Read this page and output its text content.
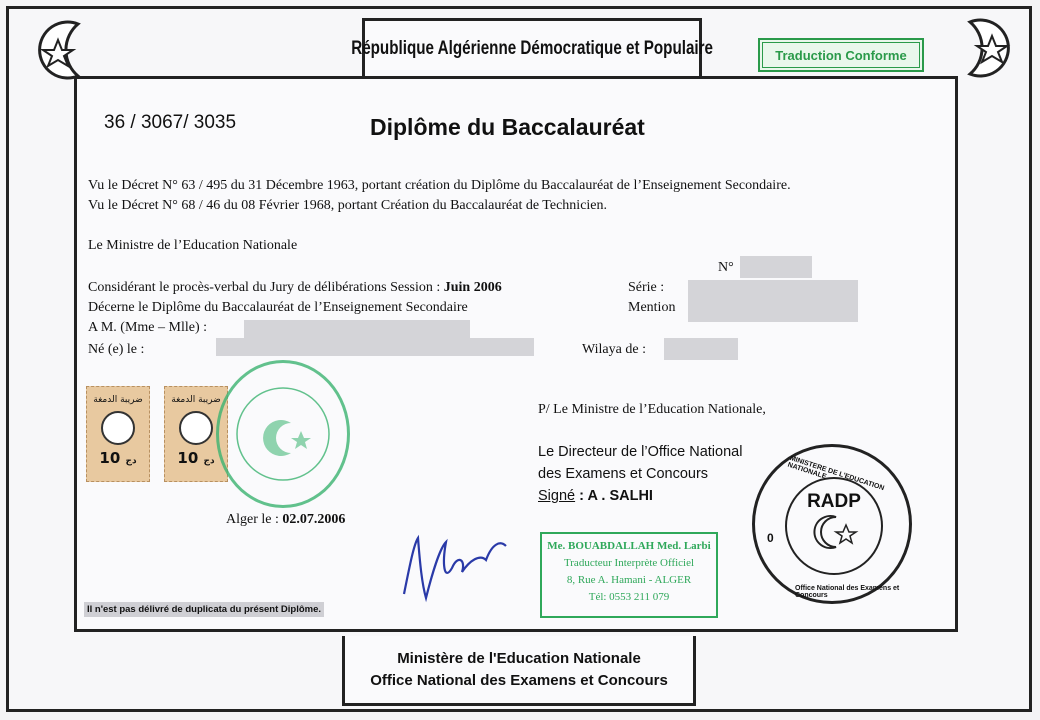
République Algérienne Démocratique et Populaire	Traduction Conforme
36 / 3067/ 3035	Diplôme du Baccalauréat
Vu le Décret N° 63 / 495 du 31 Décembre 1963, portant création du Diplôme du Baccalauréat de l’Enseignement Secondaire.
Vu le Décret N° 68 / 46 du 08 Février 1968, portant Création du Baccalauréat de Technicien.
Le Ministre de l’Education Nationale
N°
Considérant le procès-verbal du Jury de délibérations Session : Juin 2006	Série :
Décerne le Diplôme du Baccalauréat de l’Enseignement Secondaire	Mention
A M. (Mme – Mlle) :
Né (e) le :	Wilaya de :
ضريبة الدمغة
10 دج
ضريبة الدمغة
10 دج
P/ Le Ministre de l’Education Nationale,
Le Directeur de l’Office National
des Examens et Concours
Signé : A . SALHI
Alger le : 02.07.2006
Me. BOUABDALLAH Med. Larbi
Traducteur Interprète Officiel
8, Rue A. Hamani - ALGER
Tél: 0553 211 079
RADP
0
MINISTERE DE L'EDUCATION NATIONALE
Office National des Examens et Concours
Il n'est pas délivré de duplicata du présent Diplôme.
Ministère de l'Education Nationale
Office National des Examens et Concours
